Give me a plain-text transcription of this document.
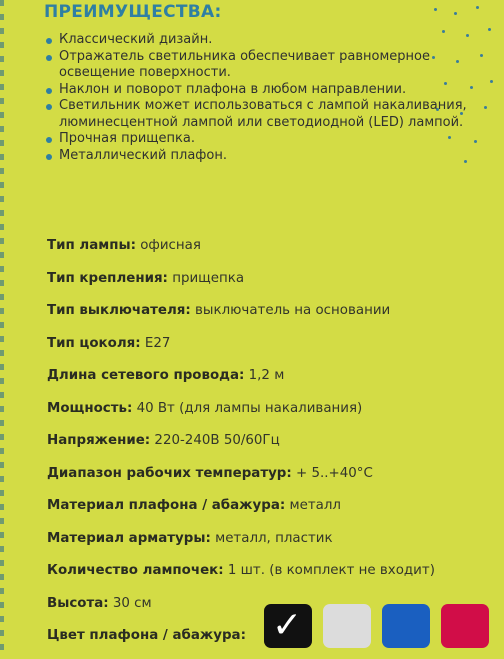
ПРЕИМУЩЕСТВА:
Классический дизайн.
Отражатель светильника обеспечивает равномерное освещение поверхности.
Наклон и поворот плафона в любом направлении.
Светильник может использоваться с лампой накаливания, люминесцентной лампой или светодиодной (LED) лампой.
Прочная прищепка.
Металлический плафон.
Тип лампы: офисная
Тип крепления: прищепка
Тип выключателя: выключатель на основании
Тип цоколя: E27
Длина сетевого провода: 1,2 м
Мощность: 40 Вт (для лампы накаливания)
Напряжение: 220-240В 50/60Гц
Диапазон рабочих температур: + 5..+40°С
Материал плафона / абажура: металл
Материал арматуры: металл, пластик
Количество лампочек: 1 шт. (в комплект не входит)
Высота: 30 см
Цвет плафона / абажура: ✓
